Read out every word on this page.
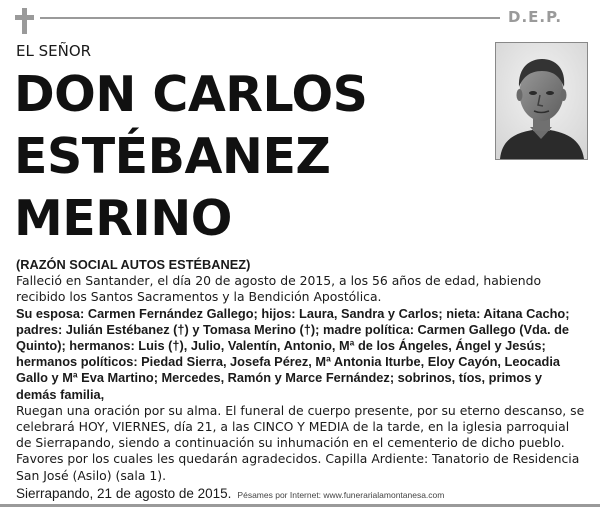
D.E.P.
EL SEÑOR
DON CARLOS
ESTÉBANEZ
MERINO

(RAZÓN SOCIAL AUTOS ESTÉBANEZ)

Falleció en Santander, el día 20 de agosto de 2015, a los 56 años de edad, habiendo recibido los Santos Sacramentos y la Bendición Apostólica.

Su esposa: Carmen Fernández Gallego; hijos: Laura, Sandra y Carlos; nieta: Aitana Cacho; padres: Julián Estébanez (†) y Tomasa Merino (†); madre política: Carmen Gallego (Vda. de Quinto); hermanos: Luis (†), Julio, Valentín, Antonio, Mª de los Ángeles, Ángel y Jesús; hermanos políticos: Piedad Sierra, Josefa Pérez, Mª Antonia Iturbe, Eloy Cayón, Leocadia Gallo y Mª Eva Martino; Mercedes, Ramón y Marce Fernández; sobrinos, tíos, primos y demás familia,

Ruegan una oración por su alma. El funeral de cuerpo presente, por su eterno descanso, se celebrará HOY, VIERNES, día 21, a las CINCO Y MEDIA de la tarde, en la iglesia parroquial de Sierrapando, siendo a continuación su inhumación en el cementerio de dicho pueblo. Favores por los cuales les quedarán agradecidos. Capilla Ardiente: Tanatorio de Residencia San José (Asilo) (sala 1).

Sierrapando, 21 de agosto de 2015. Pésames por Internet: www.funerarialamontanesa.com
